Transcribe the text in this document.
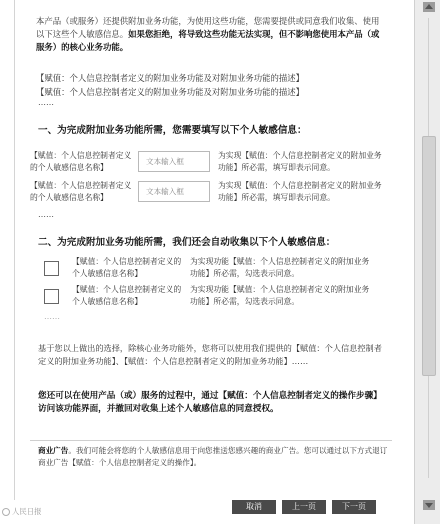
本产品（或服务）还提供附加业务功能，为使用这些功能，您需要提供或同意我们收集、使用以下这些个人敏感信息。如果您拒绝，将导致这些功能无法实现，但不影响您使用本产品（或服务）的核心业务功能。
【赋值：个人信息控制者定义的附加业务功能及对附加业务功能的描述】
【赋值：个人信息控制者定义的附加业务功能及对附加业务功能的描述】
……
一、为完成附加业务功能所需，您需要填写以下个人敏感信息：
【赋值：个人信息控制者定义的个人敏感信息名称】
文本输入框
为实现【赋值：个人信息控制者定义的附加业务功能】所必需，填写即表示同意。
【赋值：个人信息控制者定义的个人敏感信息名称】
文本输入框
为实现【赋值：个人信息控制者定义的附加业务功能】所必需，填写即表示同意。
……
二、为完成附加业务功能所需，我们还会自动收集以下个人敏感信息：
【赋值：个人信息控制者定义的个人敏感信息名称】
为实现功能【赋值：个人信息控制者定义的附加业务功能】所必需，勾选表示同意。
【赋值：个人信息控制者定义的个人敏感信息名称】
为实现功能【赋值：个人信息控制者定义的附加业务功能】所必需，勾选表示同意。
……
基于您以上做出的选择，除核心业务功能外，您将可以使用我们提供的【赋值：个人信息控制者定义的附加业务功能】、【赋值：个人信息控制者定义的附加业务功能】……
您还可以在使用产品（或）服务的过程中，通过【赋值：个人信息控制者定义的操作步骤】访问该功能界面，并撤回对收集上述个人敏感信息的同意授权。
商业广告。我们可能会将您的个人敏感信息用于向您推送您感兴趣的商业广告。您可以通过以下方式退订商业广告【赋值：个人信息控制者定义的操作】。
取消	上一页	下一页
人民日报
